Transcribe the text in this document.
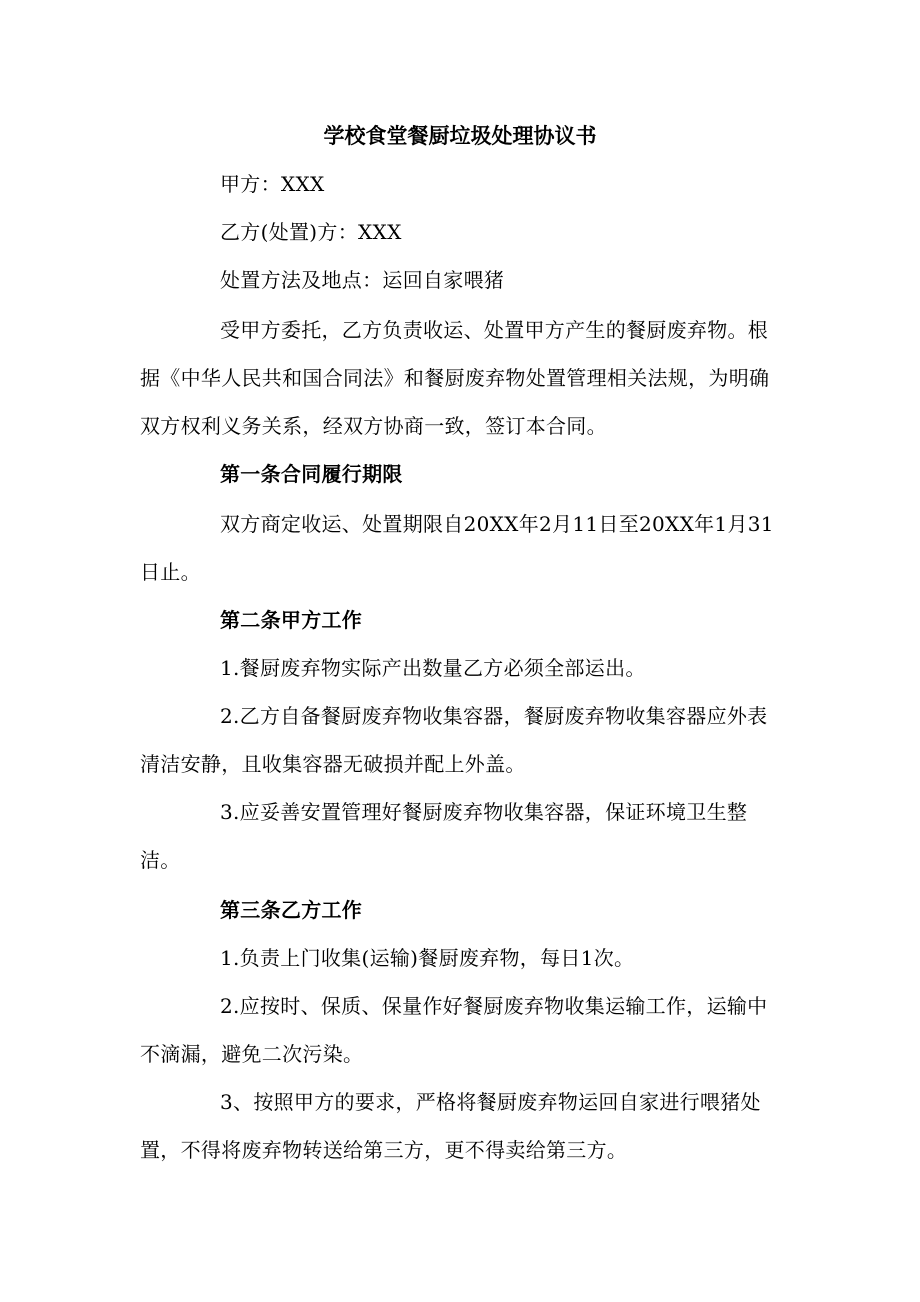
学校食堂餐厨垃圾处理协议书
甲方：XXX
乙方(处置)方：XXX
处置方法及地点：运回自家喂猪
受甲方委托，乙方负责收运、处置甲方产生的餐厨废弃物。根据《中华人民共和国合同法》和餐厨废弃物处置管理相关法规，为明确双方权利义务关系，经双方协商一致，签订本合同。
第一条合同履行期限
双方商定收运、处置期限自20XX年2月11日至20XX年1月31日止。
第二条甲方工作
1.餐厨废弃物实际产出数量乙方必须全部运出。
2.乙方自备餐厨废弃物收集容器，餐厨废弃物收集容器应外表清洁安静，且收集容器无破损并配上外盖。
3.应妥善安置管理好餐厨废弃物收集容器，保证环境卫生整洁。
第三条乙方工作
1.负责上门收集(运输)餐厨废弃物，每日1次。
2.应按时、保质、保量作好餐厨废弃物收集运输工作，运输中不滴漏，避免二次污染。
3、按照甲方的要求，严格将餐厨废弃物运回自家进行喂猪处置，不得将废弃物转送给第三方，更不得卖给第三方。
